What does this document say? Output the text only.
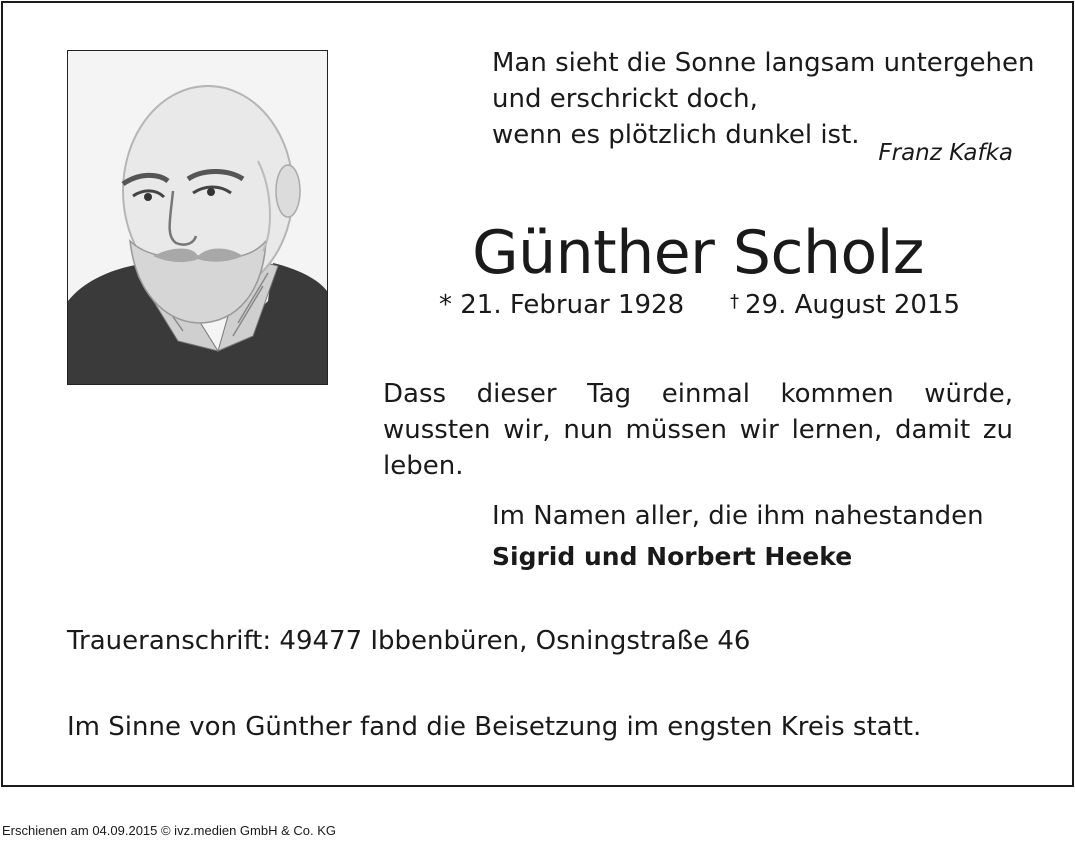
Man sieht die Sonne langsam untergehen
und erschrickt doch,
wenn es plötzlich dunkel ist.
Franz Kafka
Günther Scholz
* 21. Februar 1928	† 29. August 2015
Dass dieser Tag einmal kommen würde, wussten wir, nun müssen wir lernen, damit zu leben.
Im Namen aller, die ihm nahestanden
Sigrid und Norbert Heeke
Traueranschrift: 49477 Ibbenbüren, Osningstraße 46
Im Sinne von Günther fand die Beisetzung im engsten Kreis statt.
Erschienen am 04.09.2015 © ivz.medien GmbH & Co. KG
